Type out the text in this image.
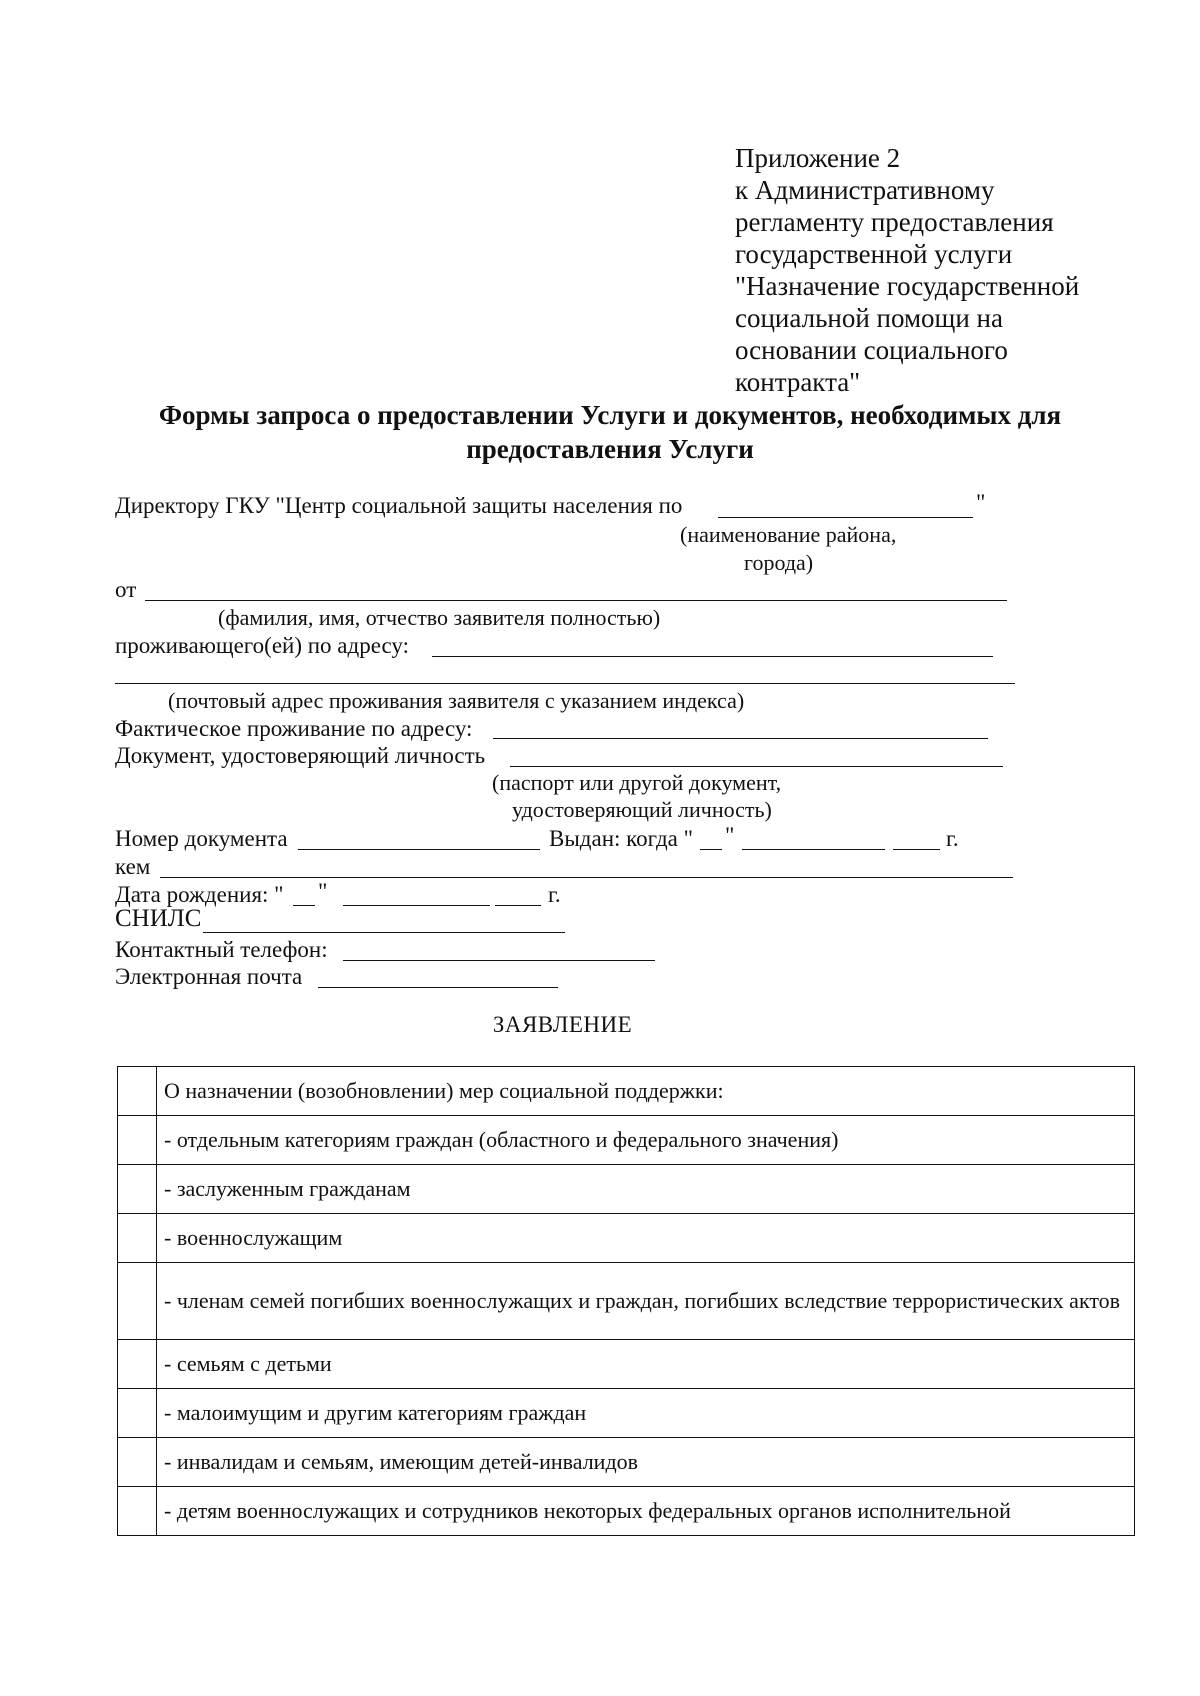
Приложение 2
к Административному
регламенту предоставления
государственной услуги
"Назначение государственной
социальной помощи на
основании социального
контракта"
Формы запроса о предоставлении Услуги и документов, необходимых для
предоставления Услуги
Директору ГКУ "Центр социальной защиты населения по	"
(наименование района,
города)
от
(фамилия, имя, отчество заявителя полностью)
проживающего(ей) по адресу:
(почтовый адрес проживания заявителя с указанием индекса)
Фактическое проживание по адресу:
Документ, удостоверяющий личность
(паспорт или другой документ,
удостоверяющий личность)
Номер документа	Выдан: когда " "	г.
кем
Дата рождения: " "	г.
СНИЛС
Контактный телефон:
Электронная почта
ЗАЯВЛЕНИЕ
	О назначении (возобновлении) мер социальной поддержки:
	- отдельным категориям граждан (областного и федерального значения)
	- заслуженным гражданам
	- военнослужащим
	- членам семей погибших военнослужащих и граждан, погибших вследствие террористических актов
	- семьям с детьми
	- малоимущим и другим категориям граждан
	- инвалидам и семьям, имеющим детей-инвалидов
	- детям военнослужащих и сотрудников некоторых федеральных органов исполнительной
